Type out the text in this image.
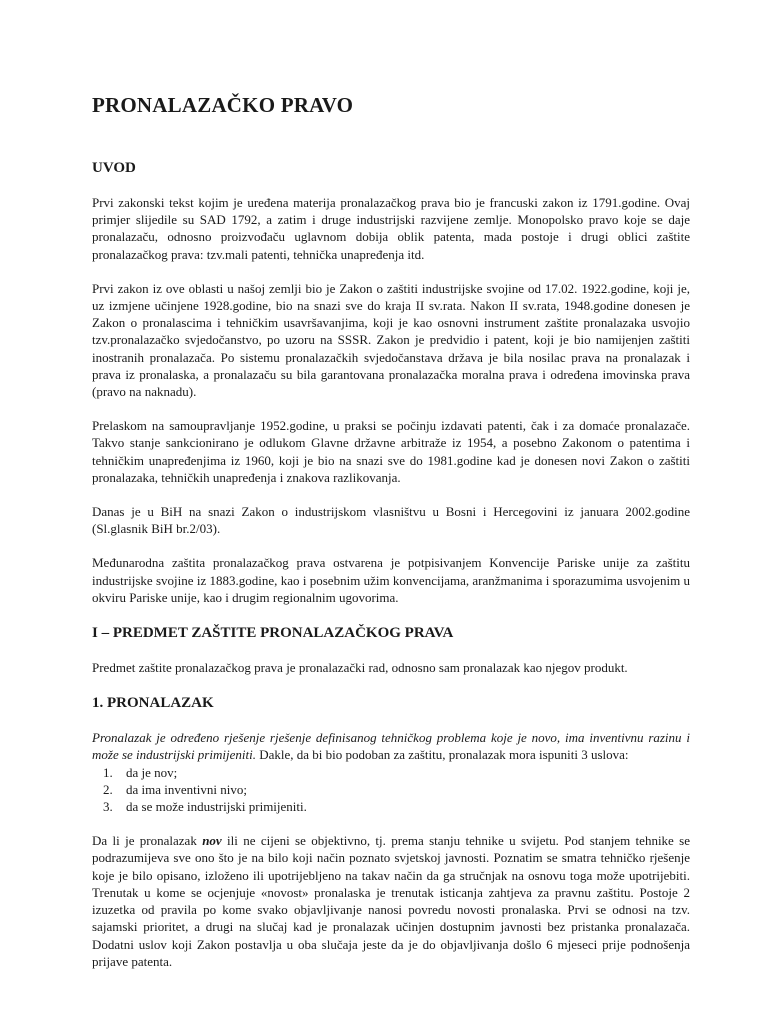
PRONALAZAČKO PRAVO
UVOD

Prvi zakonski tekst kojim je uređena materija pronalazačkog prava bio je francuski zakon iz 1791.godine. Ovaj primjer slijedile su SAD 1792, a zatim i druge industrijski razvijene zemlje. Monopolsko pravo koje se daje pronalazaču, odnosno proizvođaču uglavnom dobija oblik patenta, mada postoje i drugi oblici zaštite pronalazačkog prava: tzv.mali patenti, tehnička unapređenja itd.

Prvi zakon iz ove oblasti u našoj zemlji bio je Zakon o zaštiti industrijske svojine od 17.02. 1922.godine, koji je, uz izmjene učinjene 1928.godine, bio na snazi sve do kraja II sv.rata. Nakon II sv.rata, 1948.godine donesen je Zakon o pronalascima i tehničkim usavršavanjima, koji je kao osnovni instrument zaštite pronalazaka usvojio tzv.pronalazačko svjedočanstvo, po uzoru na SSSR. Zakon je predvidio i patent, koji je bio namijenjen zaštiti inostranih pronalazača. Po sistemu pronalazačkih svjedočanstava država je bila nosilac prava na pronalazak i prava iz pronalaska, a pronalazaču su bila garantovana pronalazačka moralna prava i određena imovinska prava (pravo na naknadu).

Prelaskom na samoupravljanje 1952.godine, u praksi se počinju izdavati patenti, čak i za domaće pronalazače. Takvo stanje sankcionirano je odlukom Glavne državne arbitraže iz 1954, a posebno Zakonom o patentima i tehničkim unapređenjima iz 1960, koji je bio na snazi sve do 1981.godine kad je donesen novi Zakon o zaštiti pronalazaka, tehničkih unapređenja i znakova razlikovanja.

Danas je u BiH na snazi Zakon o industrijskom vlasništvu u Bosni i Hercegovini iz januara 2002.godine (Sl.glasnik BiH br.2/03).

Međunarodna zaštita pronalazačkog prava ostvarena je potpisivanjem Konvencije Pariske unije za zaštitu industrijske svojine iz 1883.godine, kao i posebnim užim konvencijama, aranžmanima i sporazumima usvojenim u okviru Pariske unije, kao i drugim regionalnim ugovorima.

I – PREDMET ZAŠTITE PRONALAZAČKOG PRAVA

Predmet zaštite pronalazačkog prava je pronalazački rad, odnosno sam pronalazak kao njegov produkt.

1. PRONALAZAK

Pronalazak je određeno rješenje rješenje definisanog tehničkog problema koje je novo, ima inventivnu razinu i može se industrijski primijeniti. Dakle, da bi bio podoban za zaštitu, pronalazak mora ispuniti 3 uslova:

1. da je nov;
2. da ima inventivni nivo;
3. da se može industrijski primijeniti.

Da li je pronalazak nov ili ne cijeni se objektivno, tj. prema stanju tehnike u svijetu. Pod stanjem tehnike se podrazumijeva sve ono što je na bilo koji način poznato svjetskoj javnosti. Poznatim se smatra tehničko rješenje koje je bilo opisano, izloženo ili upotrijebljeno na takav način da ga stručnjak na osnovu toga može upotrijebiti. Trenutak u kome se ocjenjuje «novost» pronalaska je trenutak isticanja zahtjeva za pravnu zaštitu. Postoje 2 izuzetka od pravila po kome svako objavljivanje nanosi povredu novosti pronalaska. Prvi se odnosi na tzv. sajamski prioritet, a drugi na slučaj kad je pronalazak učinjen dostupnim javnosti bez pristanka pronalazača. Dodatni uslov koji Zakon postavlja u oba slučaja jeste da je do objavljivanja došlo 6 mjeseci prije podnošenja prijave patenta.
